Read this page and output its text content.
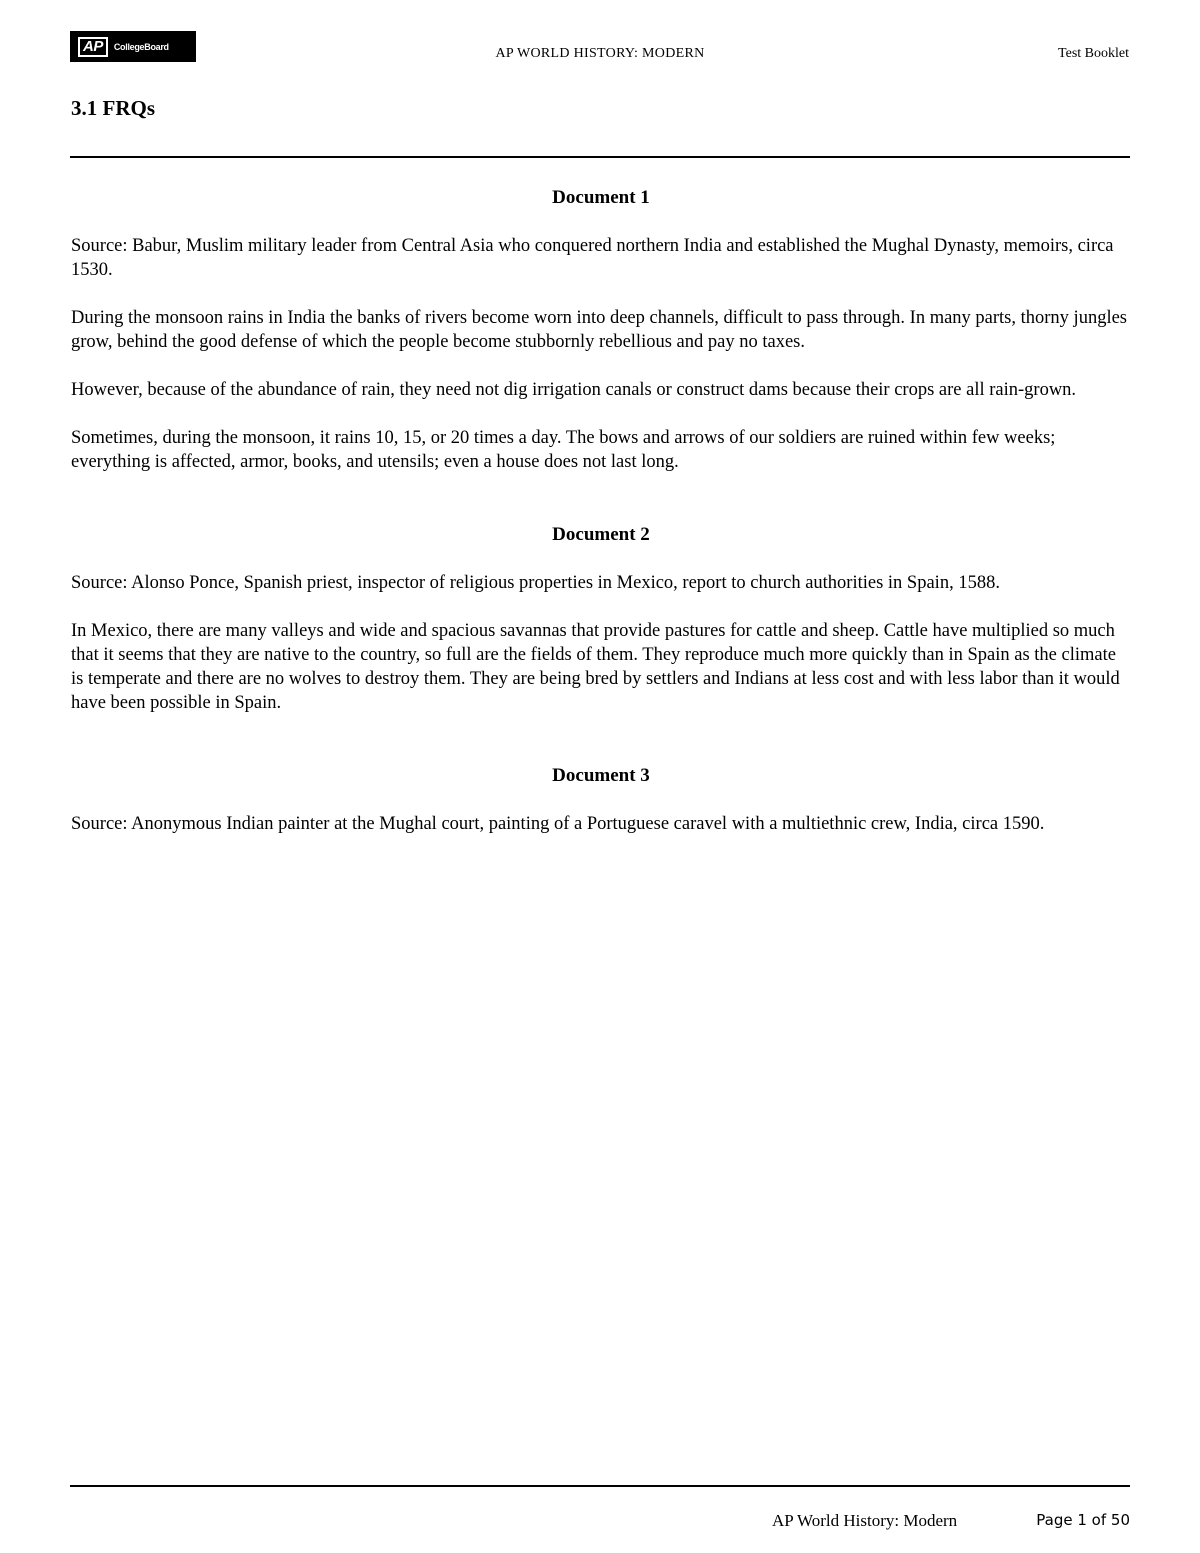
AP	CollegeBoard	AP WORLD HISTORY: MODERN	Test Booklet
3.1 FRQs
Document 1

Source: Babur, Muslim military leader from Central Asia who conquered northern India and established the Mughal Dynasty, memoirs, circa 1530.

During the monsoon rains in India the banks of rivers become worn into deep channels, difficult to pass through. In many parts, thorny jungles grow, behind the good defense of which the people become stubbornly rebellious and pay no taxes.

However, because of the abundance of rain, they need not dig irrigation canals or construct dams because their crops are all rain-grown.

Sometimes, during the monsoon, it rains 10, 15, or 20 times a day. The bows and arrows of our soldiers are ruined within few weeks; everything is affected, armor, books, and utensils; even a house does not last long.

Document 2

Source: Alonso Ponce, Spanish priest, inspector of religious properties in Mexico, report to church authorities in Spain, 1588.

In Mexico, there are many valleys and wide and spacious savannas that provide pastures for cattle and sheep. Cattle have multiplied so much that it seems that they are native to the country, so full are the fields of them. They reproduce much more quickly than in Spain as the climate is temperate and there are no wolves to destroy them. They are being bred by settlers and Indians at less cost and with less labor than it would have been possible in Spain.

Document 3

Source: Anonymous Indian painter at the Mughal court, painting of a Portuguese caravel with a multiethnic crew, India, circa 1590.

AP World History: Modern	Page 1 of 50
